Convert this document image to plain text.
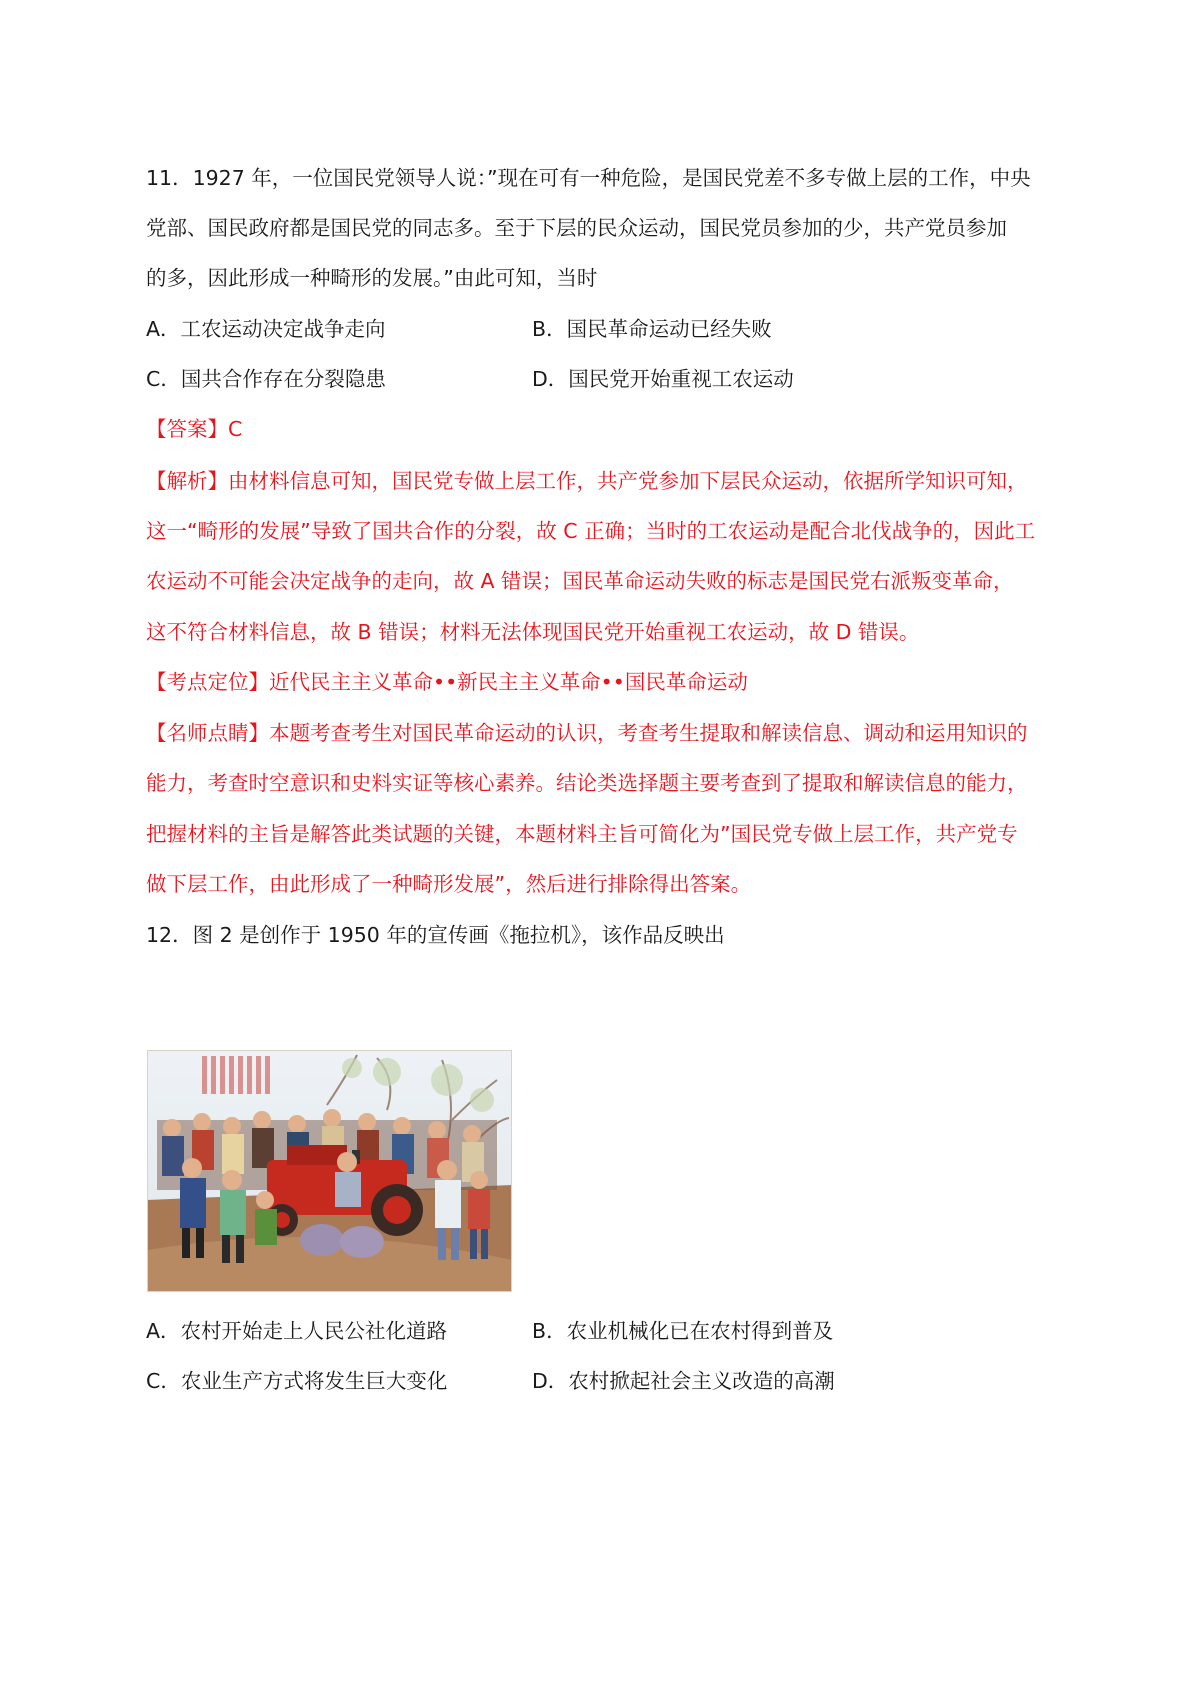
11．1927 年，一位国民党领导人说：”现在可有一种危险，是国民党差不多专做上层的工作，中央
党部、国民政府都是国民党的同志多。至于下层的民众运动，国民党员参加的少，共产党员参加
的多，因此形成一种畸形的发展。”由此可知，当时
A．工农运动决定战争走向	B．国民革命运动已经失败
C．国共合作存在分裂隐患	D．国民党开始重视工农运动
【答案】C
【解析】由材料信息可知，国民党专做上层工作，共产党参加下层民众运动，依据所学知识可知，
这一“畸形的发展”导致了国共合作的分裂，故 C 正确；当时的工农运动是配合北伐战争的，因此工
农运动不可能会决定战争的走向，故 A 错误；国民革命运动失败的标志是国民党右派叛变革命，
这不符合材料信息，故 B 错误；材料无法体现国民党开始重视工农运动，故 D 错误。
【考点定位】近代民主主义革命••新民主主义革命••国民革命运动
【名师点睛】本题考查考生对国民革命运动的认识，考查考生提取和解读信息、调动和运用知识的
能力，考查时空意识和史料实证等核心素养。结论类选择题主要考查到了提取和解读信息的能力，
把握材料的主旨是解答此类试题的关键，本题材料主旨可简化为”国民党专做上层工作，共产党专
做下层工作，由此形成了一种畸形发展”，然后进行排除得出答案。
12．图 2 是创作于 1950 年的宣传画《拖拉机》，该作品反映出
A．农村开始走上人民公社化道路	B．农业机械化已在农村得到普及
C．农业生产方式将发生巨大变化	D．农村掀起社会主义改造的高潮
